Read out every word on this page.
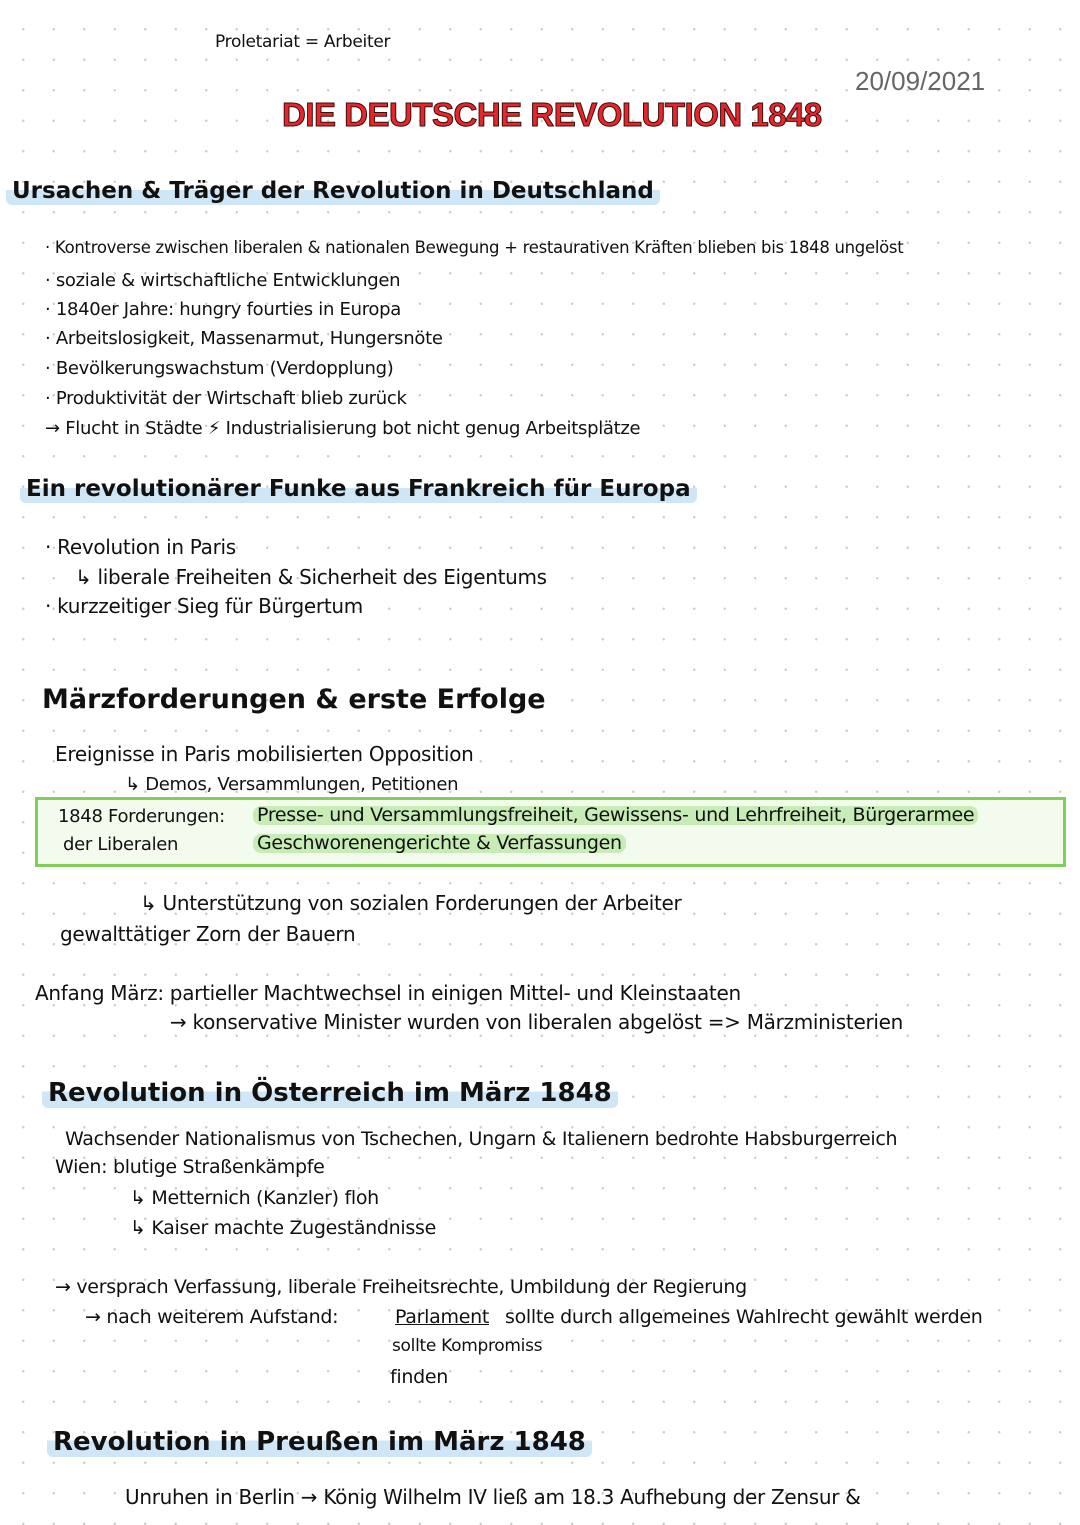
Proletariat = Arbeiter
20/09/2021
DIE DEUTSCHE REVOLUTION 1848
Ursachen & Träger der Revolution in Deutschland
· Kontroverse zwischen liberalen & nationalen Bewegung + restaurativen Kräften blieben bis 1848 ungelöst
· soziale & wirtschaftliche Entwicklungen
· 1840er Jahre: hungry fourties in Europa
· Arbeitslosigkeit, Massenarmut, Hungersnöte
· Bevölkerungswachstum (Verdopplung)
· Produktivität der Wirtschaft blieb zurück
→ Flucht in Städte ⚡ Industrialisierung bot nicht genug Arbeitsplätze
Ein revolutionärer Funke aus Frankreich für Europa
· Revolution in Paris
↳ liberale Freiheiten & Sicherheit des Eigentums
· kurzzeitiger Sieg für Bürgertum
Märzforderungen & erste Erfolge
Ereignisse in Paris mobilisierten Opposition
↳ Demos, Versammlungen, Petitionen
1848 Forderungen:
der Liberalen
Presse- und Versammlungsfreiheit, Gewissens- und Lehrfreiheit, Bürgerarmee
Geschworenengerichte & Verfassungen
↳ Unterstützung von sozialen Forderungen der Arbeiter
gewalttätiger Zorn der Bauern
Anfang März: partieller Machtwechsel in einigen Mittel- und Kleinstaaten
→ konservative Minister wurden von liberalen abgelöst => Märzministerien
Revolution in Österreich im März 1848
Wachsender Nationalismus von Tschechen, Ungarn & Italienern bedrohte Habsburgerreich
Wien: blutige Straßenkämpfe
↳ Metternich (Kanzler) floh
↳ Kaiser machte Zugeständnisse
→ versprach Verfassung, liberale Freiheitsrechte, Umbildung der Regierung
→ nach weiterem Aufstand:	Parlament sollte durch allgemeines Wahlrecht gewählt werden
sollte Kompromiss
finden
Revolution in Preußen im März 1848
Unruhen in Berlin → König Wilhelm IV ließ am 18.3 Aufhebung der Zensur &
